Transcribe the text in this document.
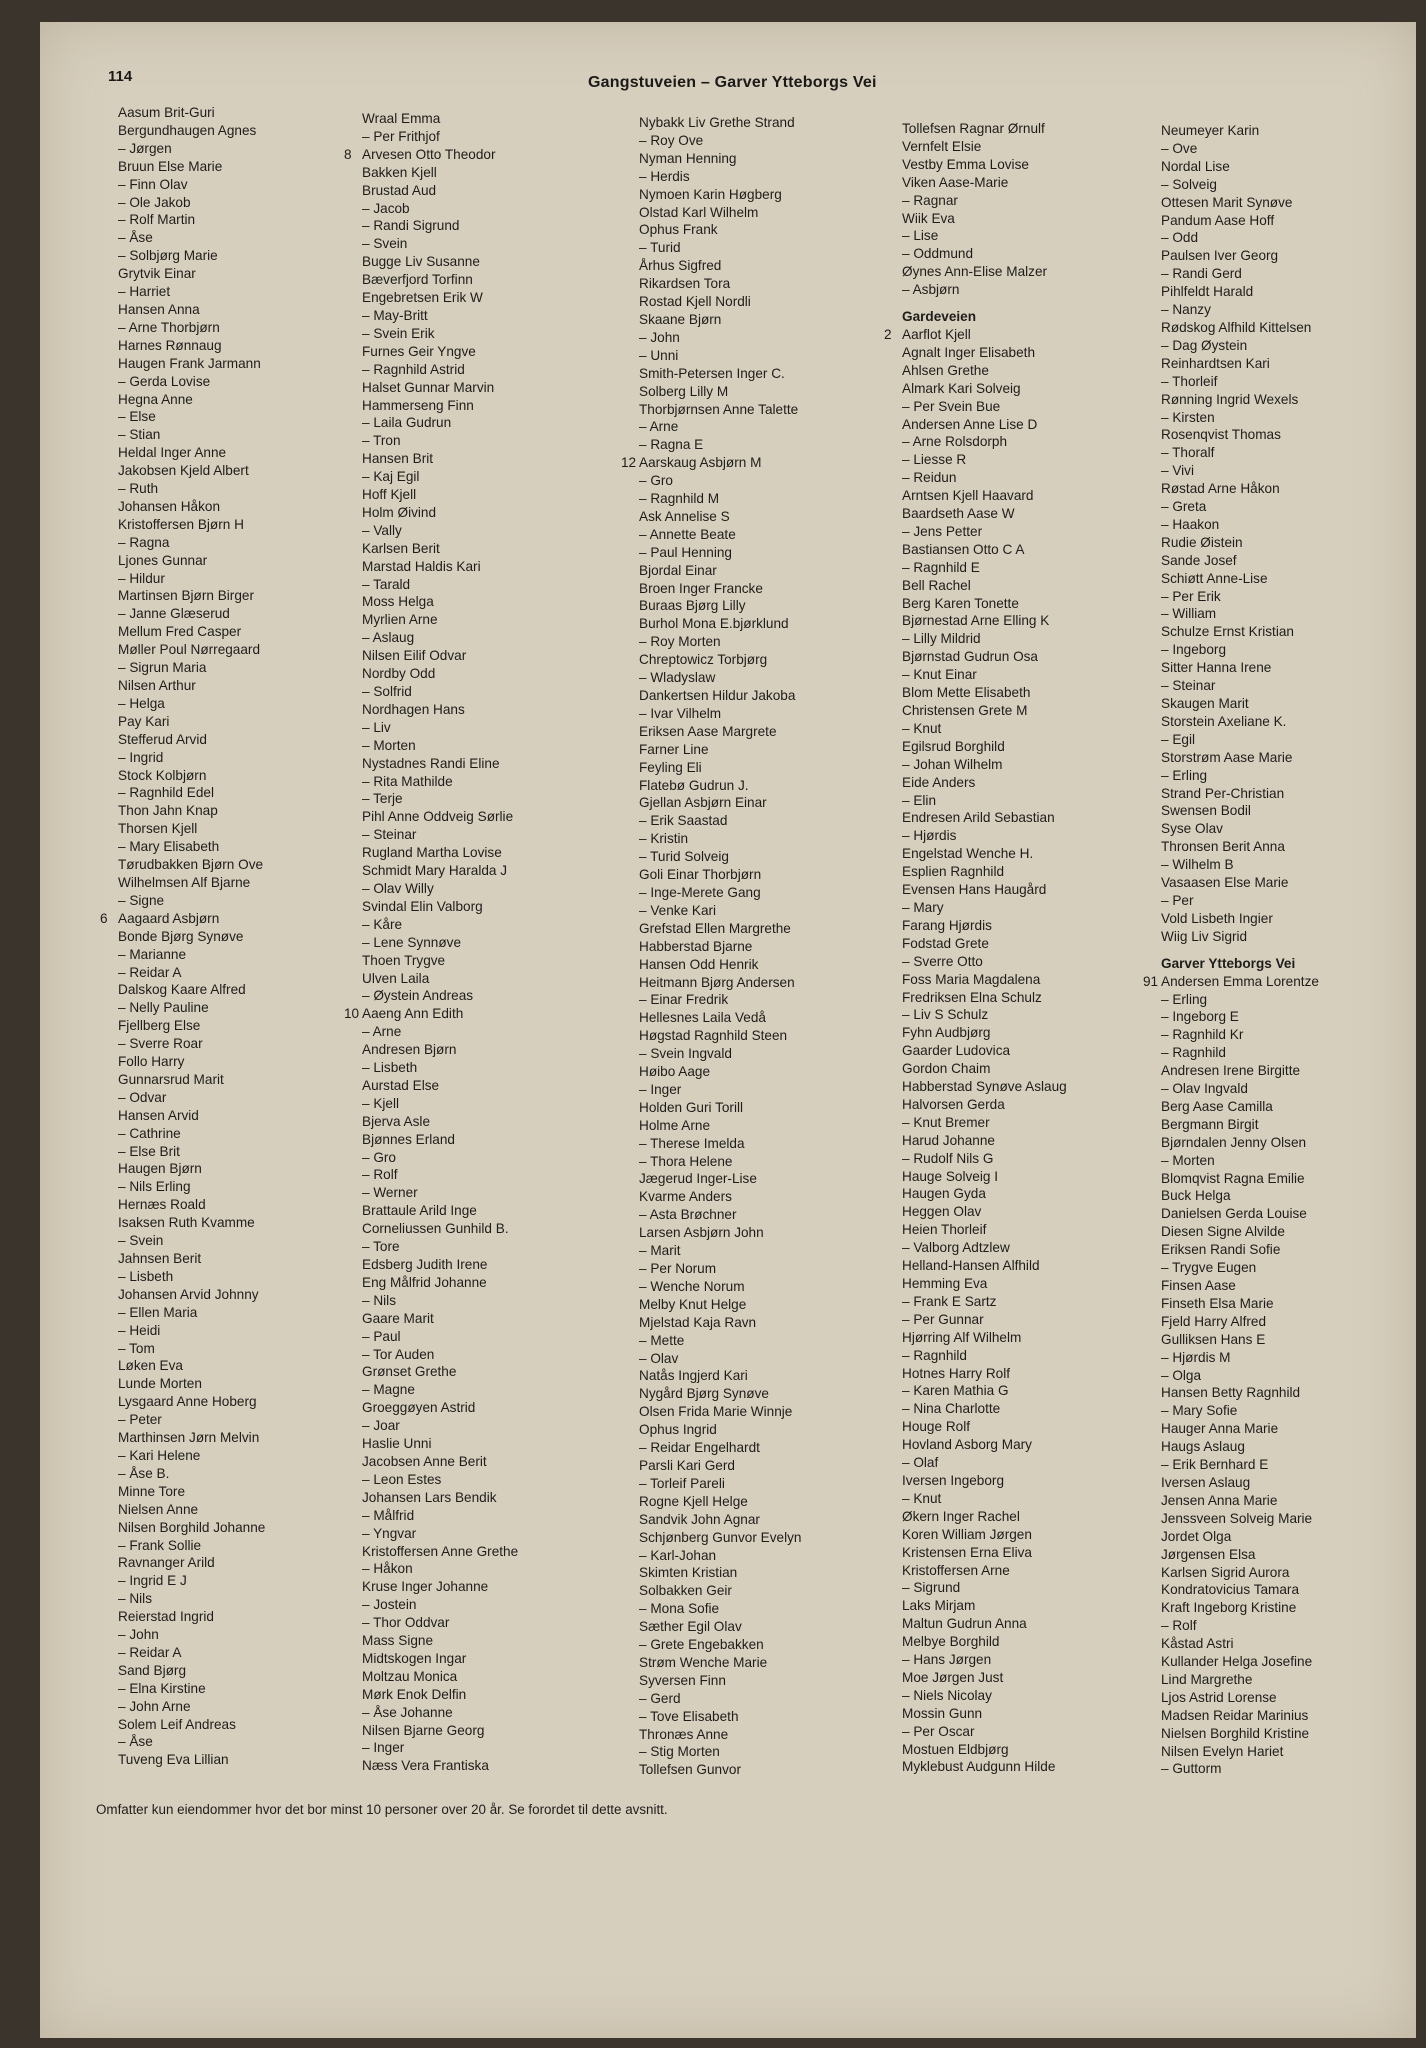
114	Gangstuveien – Garver Ytteborgs Vei
Aasum Brit-Guri
Bergundhaugen Agnes
– Jørgen
Bruun Else Marie
– Finn Olav
– Ole Jakob
– Rolf Martin
– Åse
– Solbjørg Marie
Grytvik Einar
– Harriet
Hansen Anna
– Arne Thorbjørn
Harnes Rønnaug
Haugen Frank Jarmann
– Gerda Lovise
Hegna Anne
– Else
– Stian
Heldal Inger Anne
Jakobsen Kjeld Albert
– Ruth
Johansen Håkon
Kristoffersen Bjørn H
– Ragna
Ljones Gunnar
– Hildur
Martinsen Bjørn Birger
– Janne Glæserud
Mellum Fred Casper
Møller Poul Nørregaard
– Sigrun Maria
Nilsen Arthur
– Helga
Pay Kari
Stefferud Arvid
– Ingrid
Stock Kolbjørn
– Ragnhild Edel
Thon Jahn Knap
Thorsen Kjell
– Mary Elisabeth
Tørudbakken Bjørn Ove
Wilhelmsen Alf Bjarne
– Signe
6 Aagaard Asbjørn
Bonde Bjørg Synøve
– Marianne
– Reidar A
Dalskog Kaare Alfred
– Nelly Pauline
Fjellberg Else
– Sverre Roar
Follo Harry
Gunnarsrud Marit
– Odvar
Hansen Arvid
– Cathrine
– Else Brit
Haugen Bjørn
– Nils Erling
Hernæs Roald
Isaksen Ruth Kvamme
– Svein
Jahnsen Berit
– Lisbeth
Johansen Arvid Johnny
– Ellen Maria
– Heidi
– Tom
Løken Eva
Lunde Morten
Lysgaard Anne Hoberg
– Peter
Marthinsen Jørn Melvin
– Kari Helene
– Åse B.
Minne Tore
Nielsen Anne
Nilsen Borghild Johanne
– Frank Sollie
Ravnanger Arild
– Ingrid E J
– Nils
Reierstad Ingrid
– John
– Reidar A
Sand Bjørg
– Elna Kirstine
– John Arne
Solem Leif Andreas
– Åse
Tuveng Eva Lillian
Wraal Emma
– Per Frithjof
8 Arvesen Otto Theodor
Bakken Kjell
Brustad Aud
– Jacob
– Randi Sigrund
– Svein
Bugge Liv Susanne
Bæverfjord Torfinn
Engebretsen Erik W
– May-Britt
– Svein Erik
Furnes Geir Yngve
– Ragnhild Astrid
Halset Gunnar Marvin
Hammerseng Finn
– Laila Gudrun
– Tron
Hansen Brit
– Kaj Egil
Hoff Kjell
Holm Øivind
– Vally
Karlsen Berit
Marstad Haldis Kari
– Tarald
Moss Helga
Myrlien Arne
– Aslaug
Nilsen Eilif Odvar
Nordby Odd
– Solfrid
Nordhagen Hans
– Liv
– Morten
Nystadnes Randi Eline
– Rita Mathilde
– Terje
Pihl Anne Oddveig Sørlie
– Steinar
Rugland Martha Lovise
Schmidt Mary Haralda J
– Olav Willy
Svindal Elin Valborg
– Kåre
– Lene Synnøve
Thoen Trygve
Ulven Laila
– Øystein Andreas
10 Aaeng Ann Edith
– Arne
Andresen Bjørn
– Lisbeth
Aurstad Else
– Kjell
Bjerva Asle
Bjønnes Erland
– Gro
– Rolf
– Werner
Brattaule Arild Inge
Corneliussen Gunhild B.
– Tore
Edsberg Judith Irene
Eng Målfrid Johanne
– Nils
Gaare Marit
– Paul
– Tor Auden
Grønset Grethe
– Magne
Groeggøyen Astrid
– Joar
Haslie Unni
Jacobsen Anne Berit
– Leon Estes
Johansen Lars Bendik
– Målfrid
– Yngvar
Kristoffersen Anne Grethe
– Håkon
Kruse Inger Johanne
– Jostein
– Thor Oddvar
Mass Signe
Midtskogen Ingar
Moltzau Monica
Mørk Enok Delfin
– Åse Johanne
Nilsen Bjarne Georg
– Inger
Næss Vera Frantiska
Nybakk Liv Grethe Strand
– Roy Ove
Nyman Henning
– Herdis
Nymoen Karin Høgberg
Olstad Karl Wilhelm
Ophus Frank
– Turid
Århus Sigfred
Rikardsen Tora
Rostad Kjell Nordli
Skaane Bjørn
– John
– Unni
Smith-Petersen Inger C.
Solberg Lilly M
Thorbjørnsen Anne Talette
– Arne
– Ragna E
12 Aarskaug Asbjørn M
– Gro
– Ragnhild M
Ask Annelise S
– Annette Beate
– Paul Henning
Bjordal Einar
Broen Inger Francke
Buraas Bjørg Lilly
Burhol Mona E.bjørklund
– Roy Morten
Chreptowicz Torbjørg
– Wladyslaw
Dankertsen Hildur Jakoba
– Ivar Vilhelm
Eriksen Aase Margrete
Farner Line
Feyling Eli
Flatebø Gudrun J.
Gjellan Asbjørn Einar
– Erik Saastad
– Kristin
– Turid Solveig
Goli Einar Thorbjørn
– Inge-Merete Gang
– Venke Kari
Grefstad Ellen Margrethe
Habberstad Bjarne
Hansen Odd Henrik
Heitmann Bjørg Andersen
– Einar Fredrik
Hellesnes Laila Vedå
Høgstad Ragnhild Steen
– Svein Ingvald
Høibo Aage
– Inger
Holden Guri Torill
Holme Arne
– Therese Imelda
– Thora Helene
Jægerud Inger-Lise
Kvarme Anders
– Asta Brøchner
Larsen Asbjørn John
– Marit
– Per Norum
– Wenche Norum
Melby Knut Helge
Mjelstad Kaja Ravn
– Mette
– Olav
Natås Ingjerd Kari
Nygård Bjørg Synøve
Olsen Frida Marie Winnje
Ophus Ingrid
– Reidar Engelhardt
Parsli Kari Gerd
– Torleif Pareli
Rogne Kjell Helge
Sandvik John Agnar
Schjønberg Gunvor Evelyn
– Karl-Johan
Skimten Kristian
Solbakken Geir
– Mona Sofie
Sæther Egil Olav
– Grete Engebakken
Strøm Wenche Marie
Syversen Finn
– Gerd
– Tove Elisabeth
Thronæs Anne
– Stig Morten
Tollefsen Gunvor
Tollefsen Ragnar Ørnulf
Vernfelt Elsie
Vestby Emma Lovise
Viken Aase-Marie
– Ragnar
Wiik Eva
– Lise
– Oddmund
Øynes Ann-Elise Malzer
– Asbjørn
Gardeveien
2 Aarflot Kjell
Agnalt Inger Elisabeth
Ahlsen Grethe
Almark Kari Solveig
– Per Svein Bue
Andersen Anne Lise D
– Arne Rolsdorph
– Liesse R
– Reidun
Arntsen Kjell Haavard
Baardseth Aase W
– Jens Petter
Bastiansen Otto C A
– Ragnhild E
Bell Rachel
Berg Karen Tonette
Bjørnestad Arne Elling K
– Lilly Mildrid
Bjørnstad Gudrun Osa
– Knut Einar
Blom Mette Elisabeth
Christensen Grete M
– Knut
Egilsrud Borghild
– Johan Wilhelm
Eide Anders
– Elin
Endresen Arild Sebastian
– Hjørdis
Engelstad Wenche H.
Esplien Ragnhild
Evensen Hans Haugård
– Mary
Farang Hjørdis
Fodstad Grete
– Sverre Otto
Foss Maria Magdalena
Fredriksen Elna Schulz
– Liv S Schulz
Fyhn Audbjørg
Gaarder Ludovica
Gordon Chaim
Habberstad Synøve Aslaug
Halvorsen Gerda
– Knut Bremer
Harud Johanne
– Rudolf Nils G
Hauge Solveig I
Haugen Gyda
Heggen Olav
Heien Thorleif
– Valborg Adtzlew
Helland-Hansen Alfhild
Hemming Eva
– Frank E Sartz
– Per Gunnar
Hjørring Alf Wilhelm
– Ragnhild
Hotnes Harry Rolf
– Karen Mathia G
– Nina Charlotte
Houge Rolf
Hovland Asborg Mary
– Olaf
Iversen Ingeborg
– Knut
Økern Inger Rachel
Koren William Jørgen
Kristensen Erna Eliva
Kristoffersen Arne
– Sigrund
Laks Mirjam
Maltun Gudrun Anna
Melbye Borghild
– Hans Jørgen
Moe Jørgen Just
– Niels Nicolay
Mossin Gunn
– Per Oscar
Mostuen Eldbjørg
Myklebust Audgunn Hilde
Neumeyer Karin
– Ove
Nordal Lise
– Solveig
Ottesen Marit Synøve
Pandum Aase Hoff
– Odd
Paulsen Iver Georg
– Randi Gerd
Pihlfeldt Harald
– Nanzy
Rødskog Alfhild Kittelsen
– Dag Øystein
Reinhardtsen Kari
– Thorleif
Rønning Ingrid Wexels
– Kirsten
Rosenqvist Thomas
– Thoralf
– Vivi
Røstad Arne Håkon
– Greta
– Haakon
Rudie Øistein
Sande Josef
Schiøtt Anne-Lise
– Per Erik
– William
Schulze Ernst Kristian
– Ingeborg
Sitter Hanna Irene
– Steinar
Skaugen Marit
Storstein Axeliane K.
– Egil
Storstrøm Aase Marie
– Erling
Strand Per-Christian
Swensen Bodil
Syse Olav
Thronsen Berit Anna
– Wilhelm B
Vasaasen Else Marie
– Per
Vold Lisbeth Ingier
Wiig Liv Sigrid
Garver Ytteborgs Vei
91 Andersen Emma Lorentze
– Erling
– Ingeborg E
– Ragnhild Kr
– Ragnhild
Andresen Irene Birgitte
– Olav Ingvald
Berg Aase Camilla
Bergmann Birgit
Bjørndalen Jenny Olsen
– Morten
Blomqvist Ragna Emilie
Buck Helga
Danielsen Gerda Louise
Diesen Signe Alvilde
Eriksen Randi Sofie
– Trygve Eugen
Finsen Aase
Finseth Elsa Marie
Fjeld Harry Alfred
Gulliksen Hans E
– Hjørdis M
– Olga
Hansen Betty Ragnhild
– Mary Sofie
Hauger Anna Marie
Haugs Aslaug
– Erik Bernhard E
Iversen Aslaug
Jensen Anna Marie
Jenssveen Solveig Marie
Jordet Olga
Jørgensen Elsa
Karlsen Sigrid Aurora
Kondratovicius Tamara
Kraft Ingeborg Kristine
– Rolf
Kåstad Astri
Kullander Helga Josefine
Lind Margrethe
Ljos Astrid Lorense
Madsen Reidar Marinius
Nielsen Borghild Kristine
Nilsen Evelyn Hariet
– Guttorm
Omfatter kun eiendommer hvor det bor minst 10 personer over 20 år. Se forordet til dette avsnitt.
